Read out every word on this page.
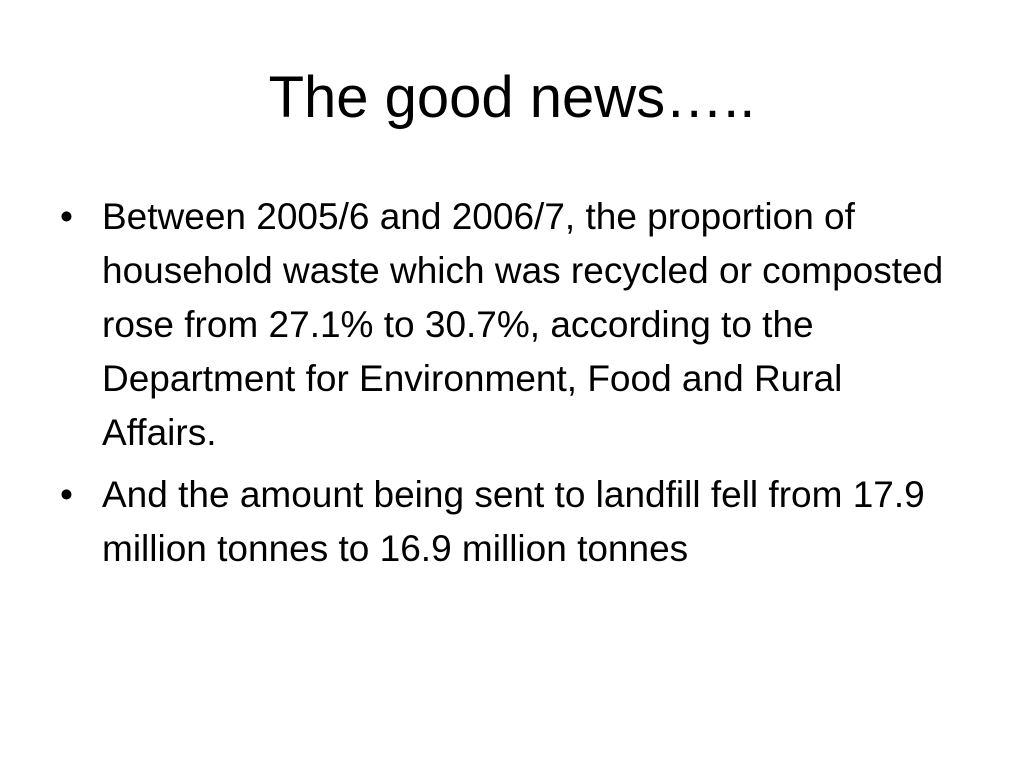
The good news…..
• Between 2005/6 and 2006/7, the proportion of household waste which was recycled or composted rose from 27.1% to 30.7%, according to the Department for Environment, Food and Rural Affairs.
• And the amount being sent to landfill fell from 17.9 million tonnes to 16.9 million tonnes
